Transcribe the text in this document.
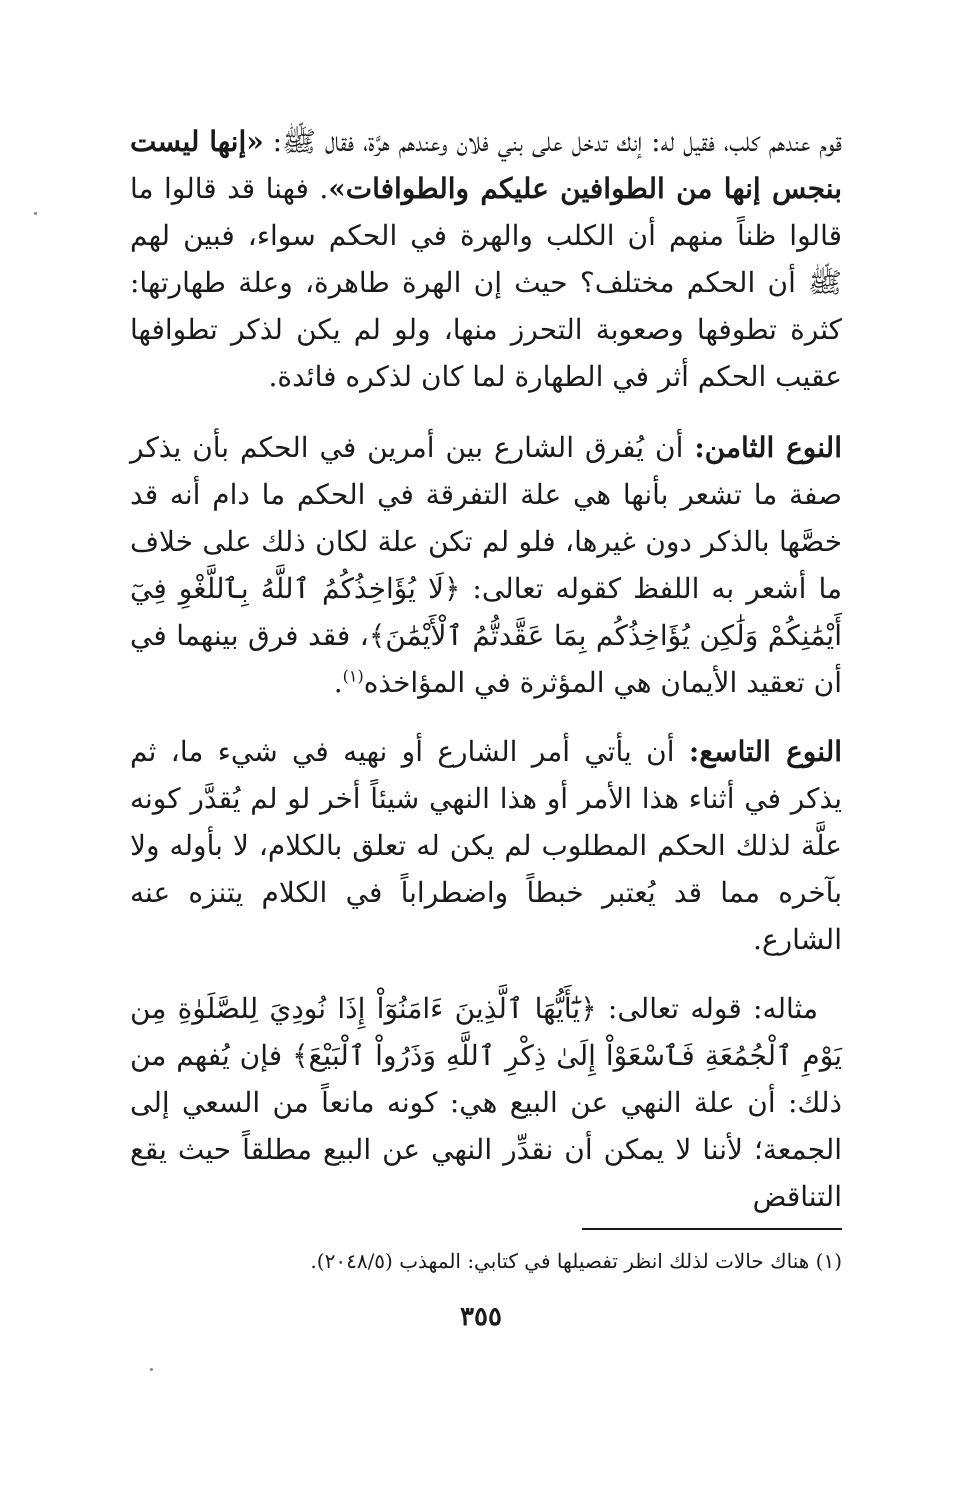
قوم عندهم كلب، فقيل له: إنك تدخل على بني فلان وعندهم هرَّة، فقال ﷺ: «إنها ليست بنجس إنها من الطوافين عليكم والطوافات». فهنا قد قالوا ما قالوا ظناً منهم أن الكلب والهرة في الحكم سواء، فبين لهم ﷺ أن الحكم مختلف؟ حيث إن الهرة طاهرة، وعلة طهارتها: كثرة تطوفها وصعوبة التحرز منها، ولو لم يكن لذكر تطوافها عقيب الحكم أثر في الطهارة لما كان لذكره فائدة.

النوع الثامن: أن يُفرق الشارع بين أمرين في الحكم بأن يذكر صفة ما تشعر بأنها هي علة التفرقة في الحكم ما دام أنه قد خصَّها بالذكر دون غيرها، فلو لم تكن علة لكان ذلك على خلاف ما أشعر به اللفظ كقوله تعالى: ﴿لَا يُؤَاخِذُكُمُ ٱللَّهُ بِٱللَّغْوِ فِيٓ أَيْمَٰنِكُمْ وَلَٰكِن يُؤَاخِذُكُم بِمَا عَقَّدتُّمُ ٱلْأَيْمَٰنَ﴾، فقد فرق بينهما في أن تعقيد الأيمان هي المؤثرة في المؤاخذه$^{(١)}$.

النوع التاسع: أن يأتي أمر الشارع أو نهيه في شيء ما، ثم يذكر في أثناء هذا الأمر أو هذا النهي شيئاً أخر لو لم يُقدَّر كونه علَّة لذلك الحكم المطلوب لم يكن له تعلق بالكلام، لا بأوله ولا بآخره مما قد يُعتبر خبطاً واضطراباً في الكلام يتنزه عنه الشارع.

مثاله: قوله تعالى: ﴿يَٰٓأَيُّهَا ٱلَّذِينَ ءَامَنُوٓاْ إِذَا نُودِيَ لِلصَّلَوٰةِ مِن يَوْمِ ٱلْجُمُعَةِ فَٱسْعَوْاْ إِلَىٰ ذِكْرِ ٱللَّهِ وَذَرُواْ ٱلْبَيْعَ﴾ فإن يُفهم من ذلك: أن علة النهي عن البيع هي: كونه مانعاً من السعي إلى الجمعة؛ لأننا لا يمكن أن نقدِّر النهي عن البيع مطلقاً حيث يقع التناقض

(١) هناك حالات لذلك انظر تفصيلها في كتابي: المهذب (٢٠٤٨/٥).
٣٥٥
